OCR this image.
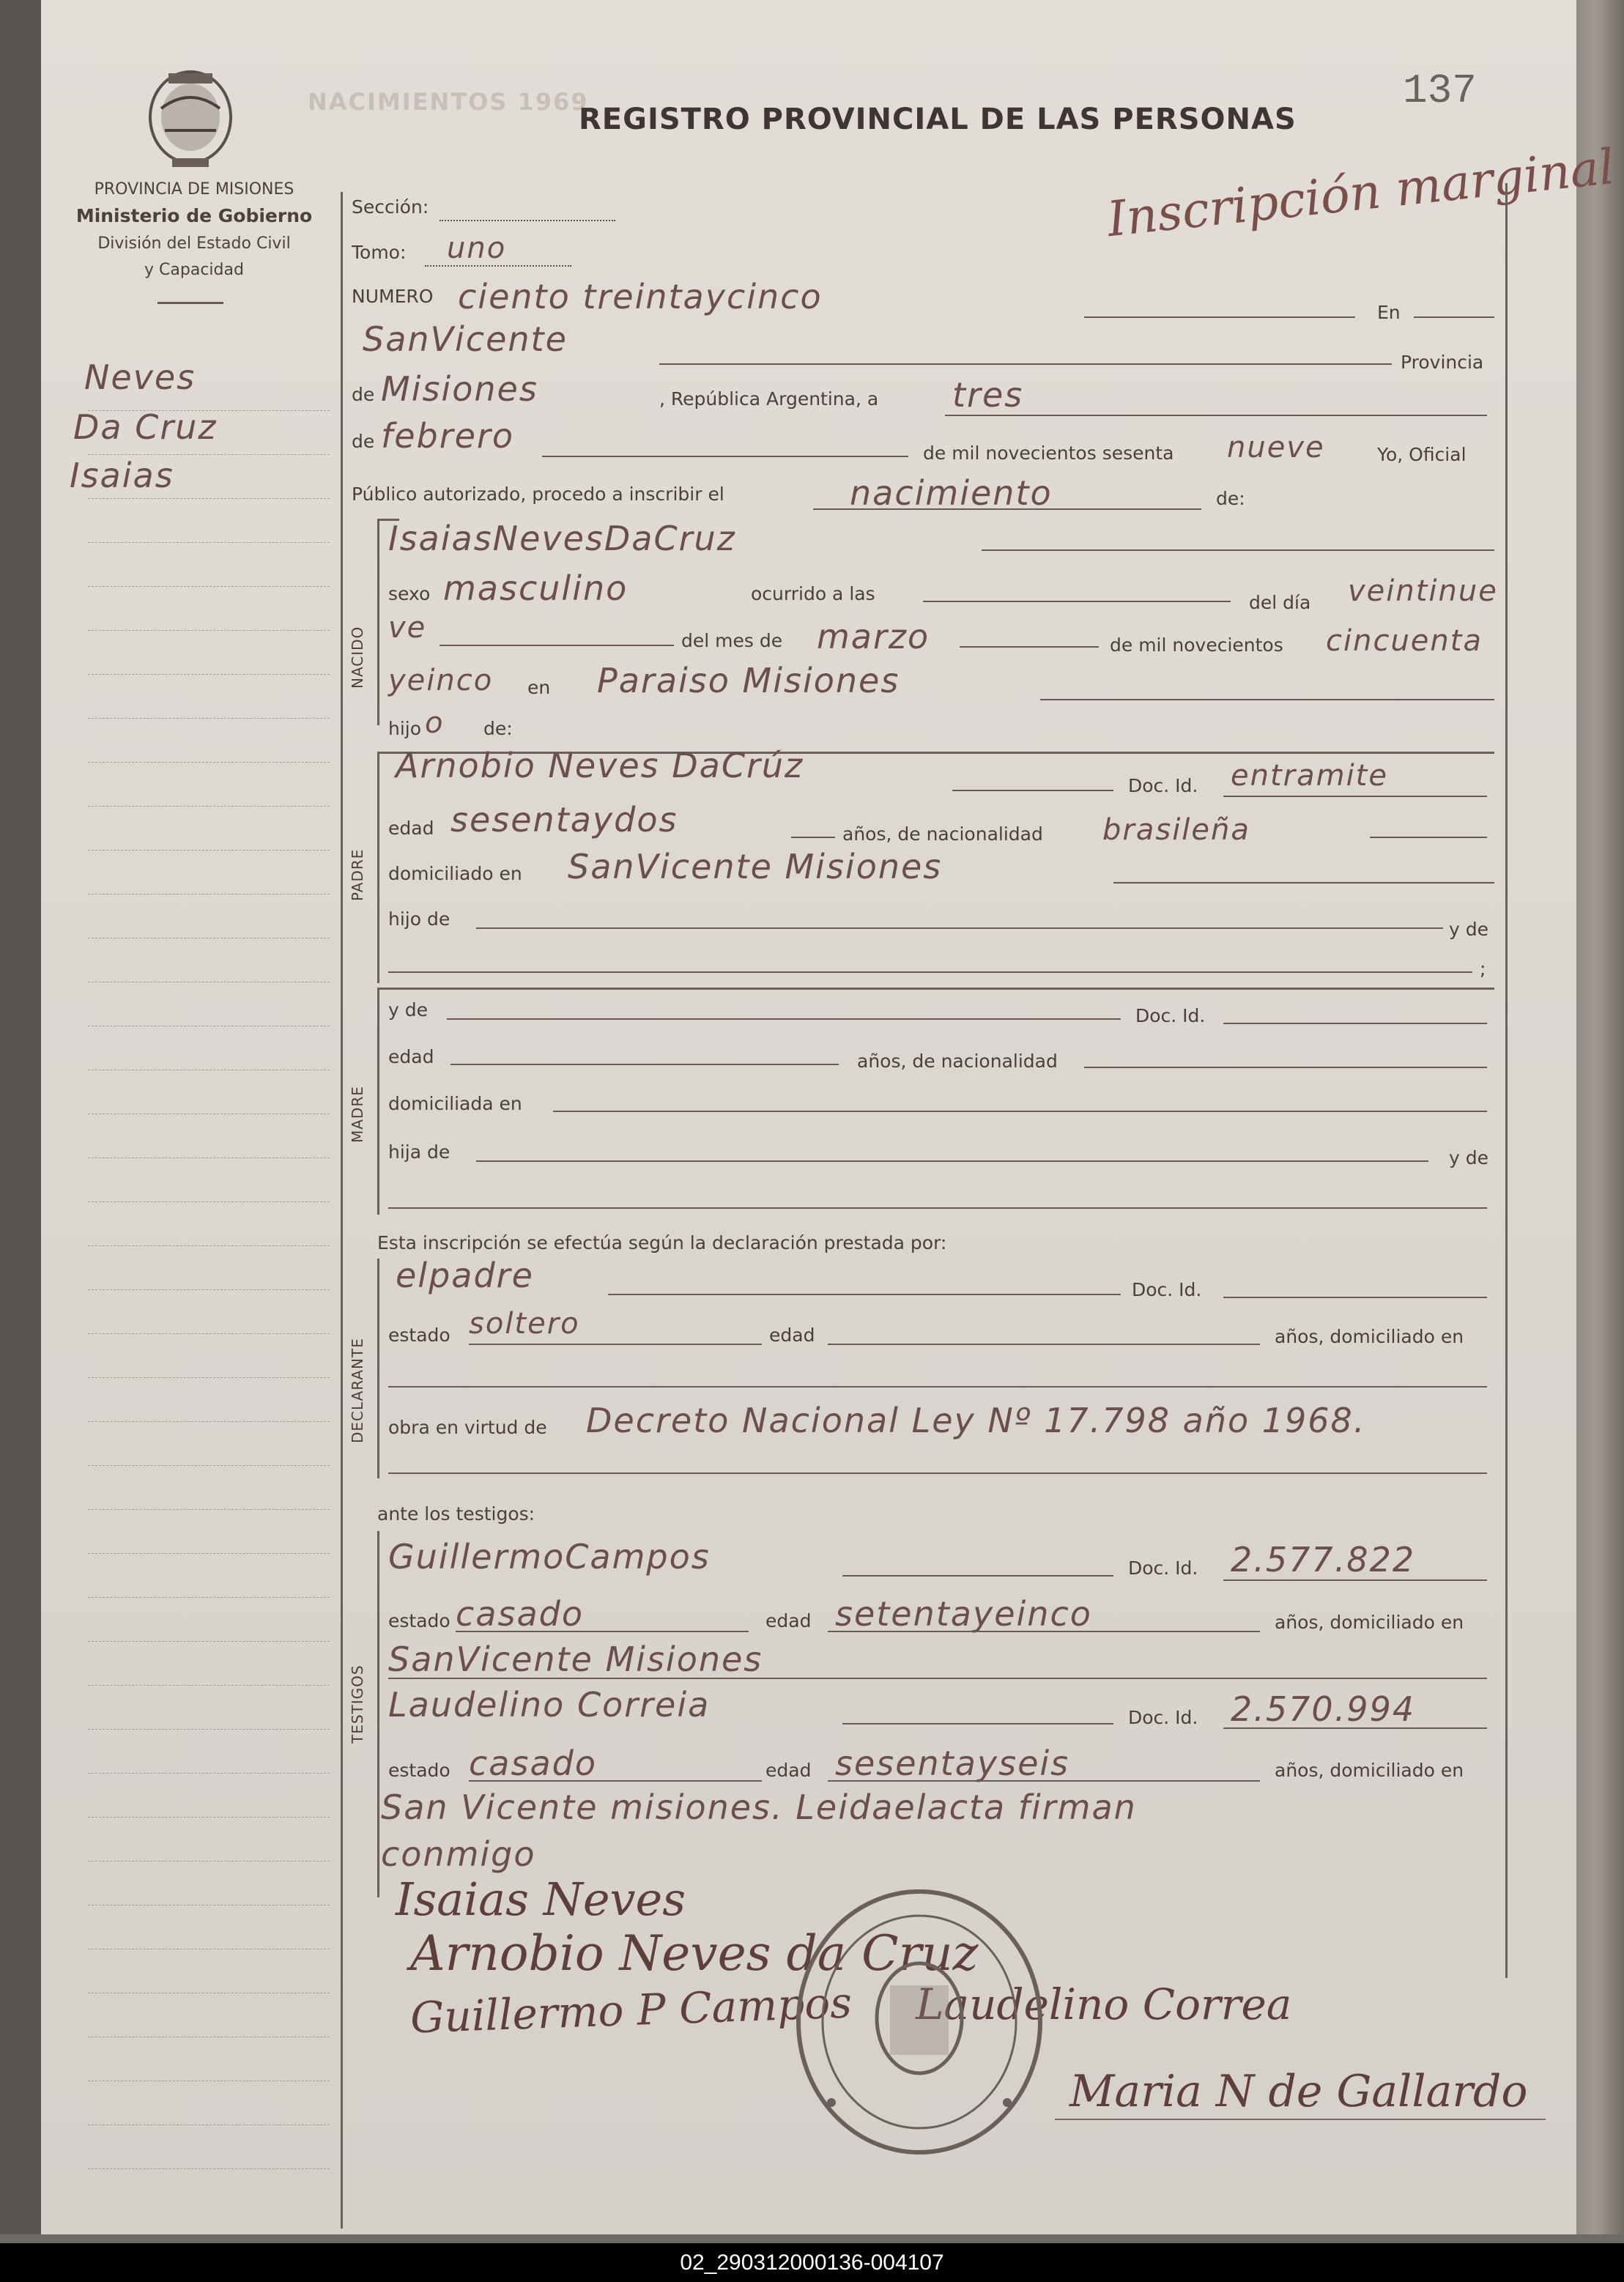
NACIMIENTOS 1969
REGISTRO PROVINCIAL DE LAS PERSONAS
137
PROVINCIA DE MISIONES
Ministerio de Gobierno
División del Estado Civil
y Capacidad
Inscripción marginal
Neves
Da Cruz
Isaias
Sección:
Tomo: uno
NUMERO ciento treintaycinco	En
SanVicente
Provincia
de Misiones	, República Argentina, a tres
de febrero	de mil novecientos sesenta nueve	Yo, Oficial
Público autorizado, procedo a inscribir el	nacimiento	de:
NACIDO
IsaiasNevesDaCruz
sexo masculino	ocurrido a las	del día veintinue
ve	del mes de marzo	de mil novecientos cincuenta
yeinco en Paraiso Misiones
hijo o de:
PADRE
Arnobio Neves DaCrúz
Doc. Id. entramite
edad sesentaydos	años, de nacionalidad brasileña
domiciliado en SanVicente Misiones
hijo de	y de
;
MADRE
y de	Doc. Id.
edad	años, de nacionalidad
domiciliada en
hija de	y de
Esta inscripción se efectúa según la declaración prestada por:
DECLARANTE
elpadre	Doc. Id.
estado soltero	edad	años, domiciliado en
obra en virtud de Decreto Nacional Ley Nº 17.798 año 1968.
ante los testigos:
TESTIGOS
GuillermoCampos	Doc. Id. 2.577.822
estado casado	edad setentayeinco	años, domiciliado en
SanVicente Misiones
Laudelino Correia	Doc. Id. 2.570.994
estado casado	edad sesentaуseis	años, domiciliado en
San Vicente misiones. Leidaelacta firman
conmigo
Isaias Neves
Arnobio Neves da Cruz
Guillermo P Campos Laudelino Correa
Maria N de Gallardo
02_290312000136-004107
